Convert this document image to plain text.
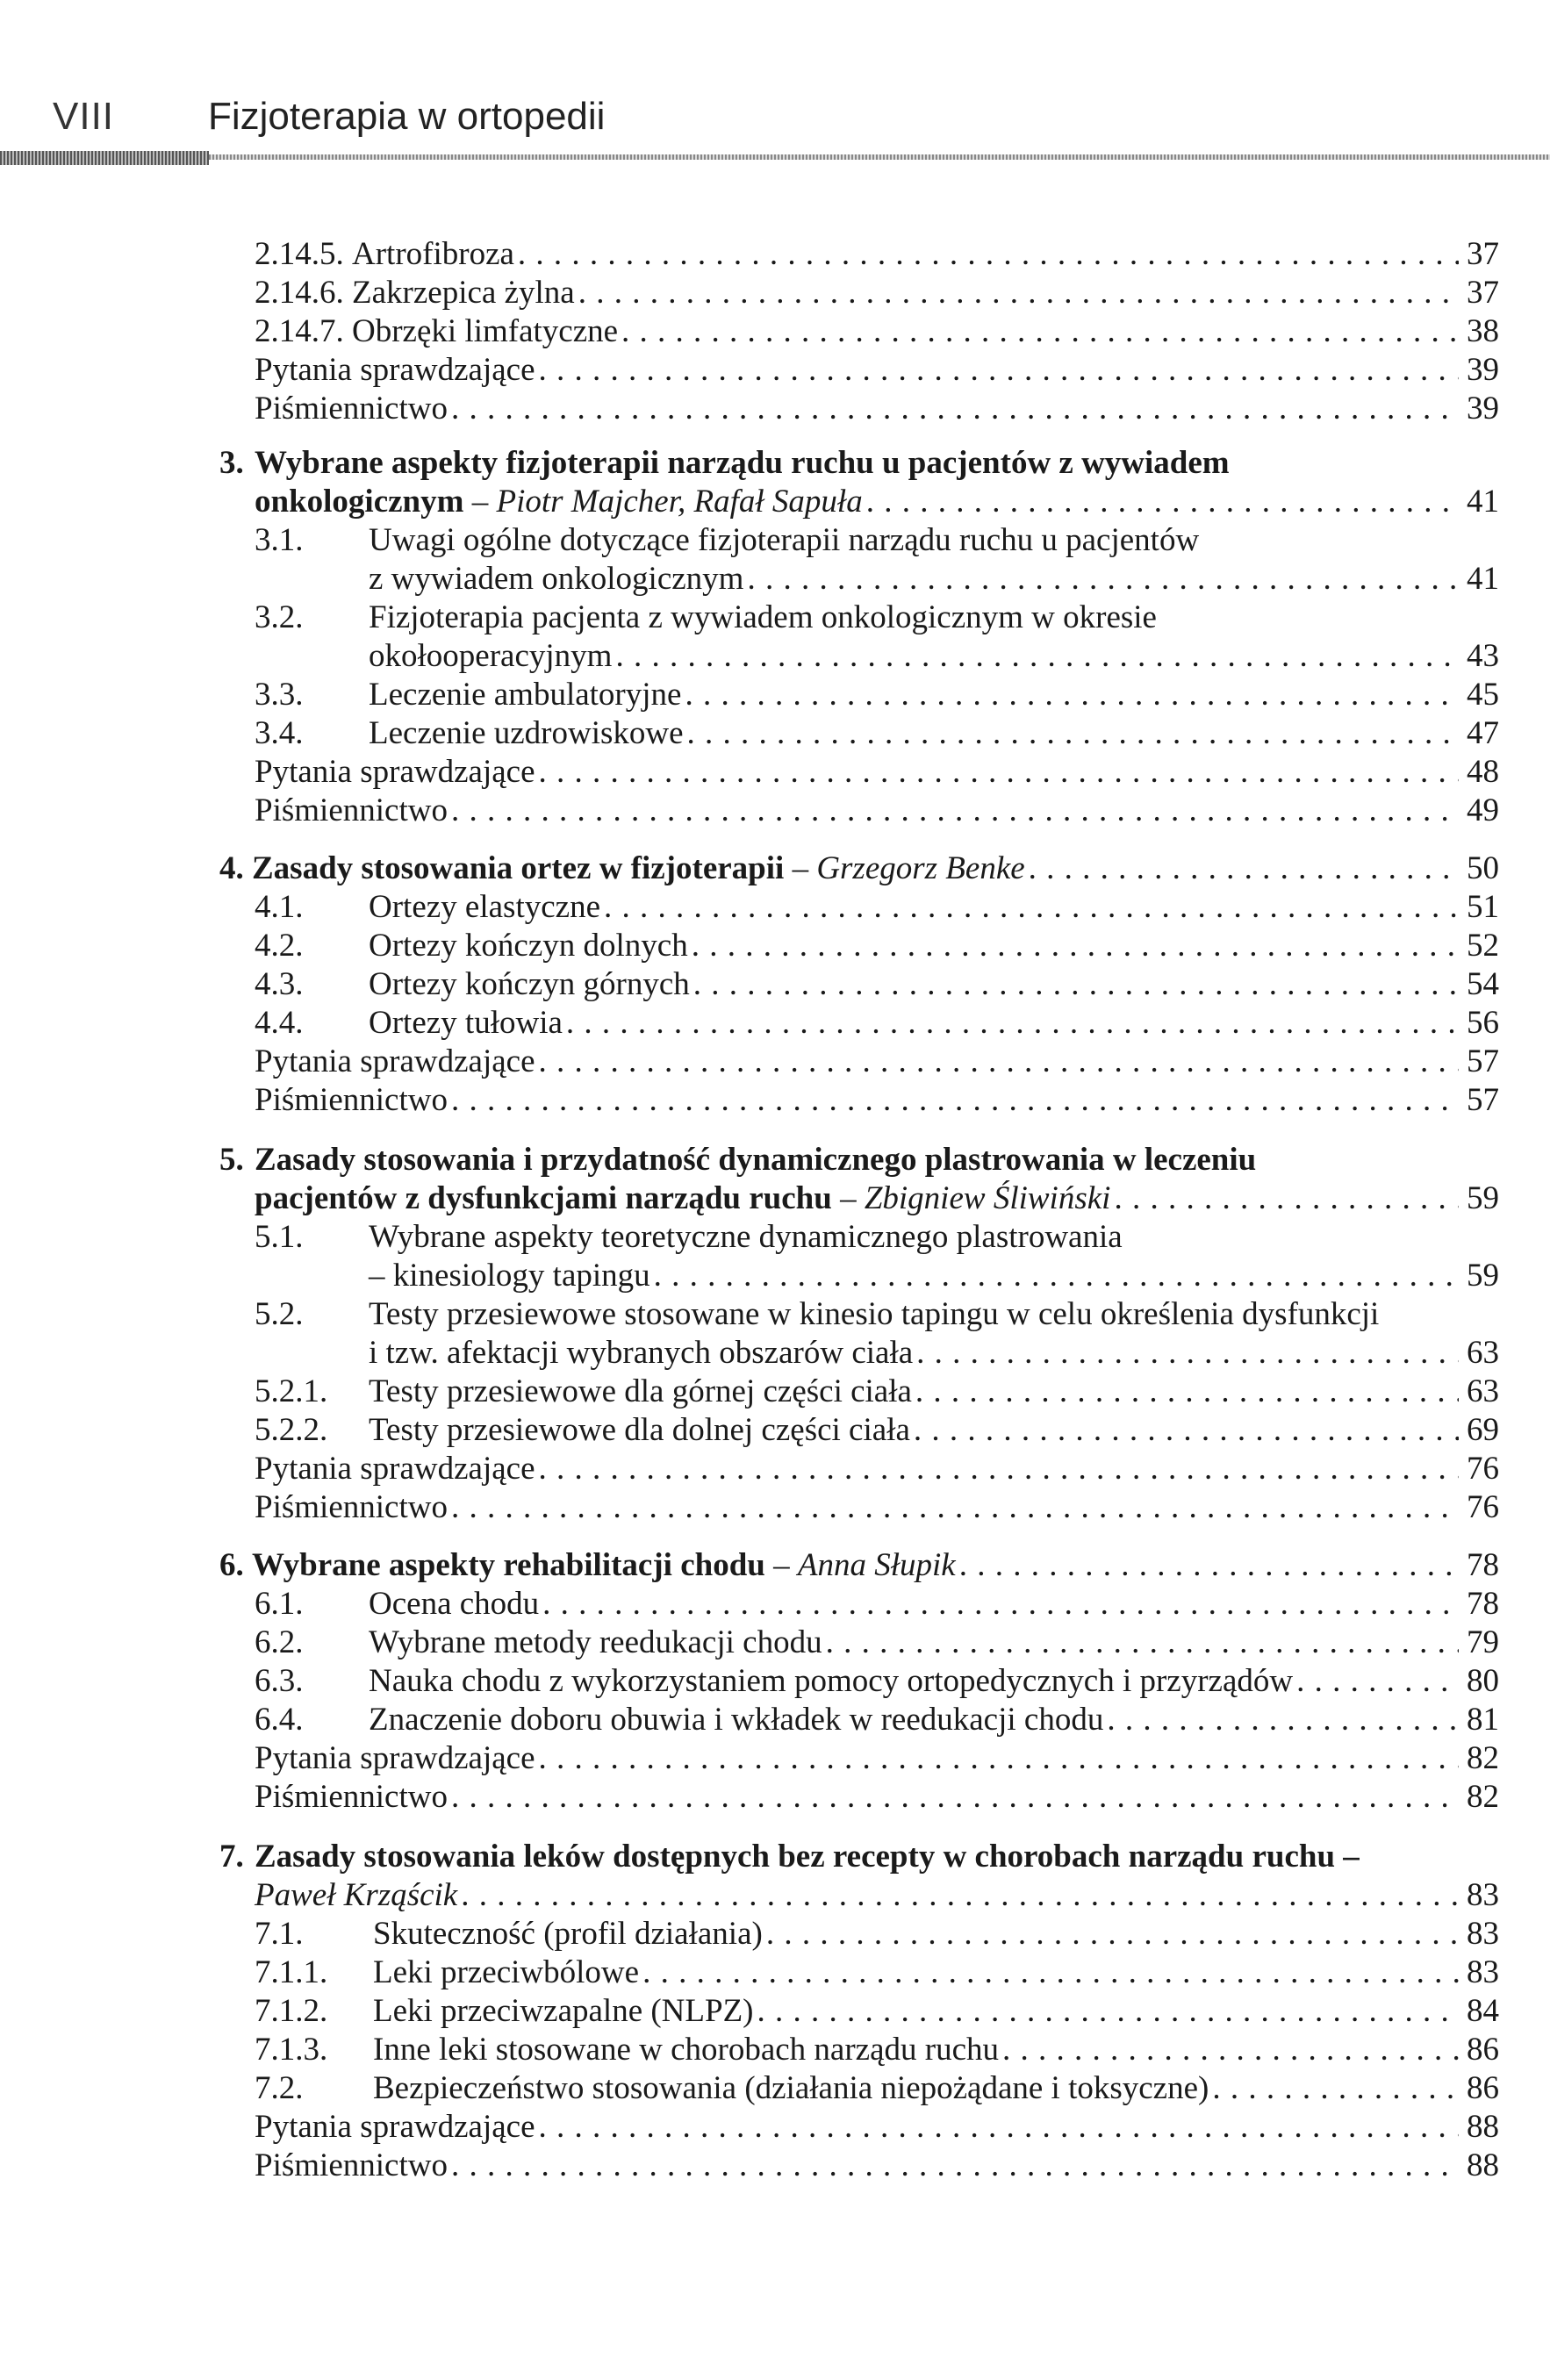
VIII Fizjoterapia w ortopedii
2.14.5.
Artrofibroza . . .	37
2.14.6.
Zakrzepica żylna . . .	37
2.14.7.
Obrzęki limfatyczne . . .	38
Pytania sprawdzające . . .	39
Piśmiennictwo . . .	39
3. Wybrane aspekty fizjoterapii narządu ruchu u pacjentów z wywiadem
onkologicznym
–
Piotr Majcher, Rafał Sapuła . . .	41
3.1. Uwagi ogólne dotyczące fizjoterapii narządu ruchu u pacjentów
z wywiadem onkologicznym . . .	41
3.2. Fizjoterapia pacjenta z wywiadem onkologicznym w okresie
okołooperacyjnym . . .	43
3.3. Leczenie ambulatoryjne . . .	45
3.4. Leczenie uzdrowiskowe . . .	47
Pytania sprawdzające . . .	48
Piśmiennictwo . . .	49
4.
Zasady stosowania ortez w fizjoterapii
–
Grzegorz Benke . . .	50
4.1. Ortezy elastyczne . . .	51
4.2. Ortezy kończyn dolnych . . .	52
4.3. Ortezy kończyn górnych . . .	54
4.4. Ortezy tułowia . . .	56
Pytania sprawdzające . . .	57
Piśmiennictwo . . .	57
5. Zasady stosowania i przydatność dynamicznego plastrowania w leczeniu
pacjentów z dysfunkcjami narządu ruchu
–
Zbigniew Śliwiński . . .	59
5.1. Wybrane aspekty teoretyczne dynamicznego plastrowania
– kinesiology tapingu . . .	59
5.2. Testy przesiewowe stosowane w kinesio tapingu w celu określenia dysfunkcji
i tzw. afektacji wybranych obszarów ciała . . .	63
5.2.1. Testy przesiewowe dla górnej części ciała . . .	63
5.2.2. Testy przesiewowe dla dolnej części ciała . . .	69
Pytania sprawdzające . . .	76
Piśmiennictwo . . .	76
6.
Wybrane aspekty rehabilitacji chodu
–
Anna Słupik . . .	78
6.1. Ocena chodu . . .	78
6.2. Wybrane metody reedukacji chodu . . .	79
6.3. Nauka chodu z wykorzystaniem pomocy ortopedycznych i przyrządów . . .	80
6.4. Znaczenie doboru obuwia i wkładek w reedukacji chodu . . .	81
Pytania sprawdzające . . .	82
Piśmiennictwo . . .	82
7. Zasady stosowania leków dostępnych bez recepty w chorobach narządu ruchu –
Paweł Krząścik . . .	83
7.1. Skuteczność (profil działania) . . .	83
7.1.1. Leki przeciwbólowe . . .	83
7.1.2. Leki przeciwzapalne (NLPZ) . . .	84
7.1.3. Inne leki stosowane w chorobach narządu ruchu . . .	86
7.2. Bezpieczeństwo stosowania (działania niepożądane i toksyczne) . . .	86
Pytania sprawdzające . . .	88
Piśmiennictwo . . .	88
